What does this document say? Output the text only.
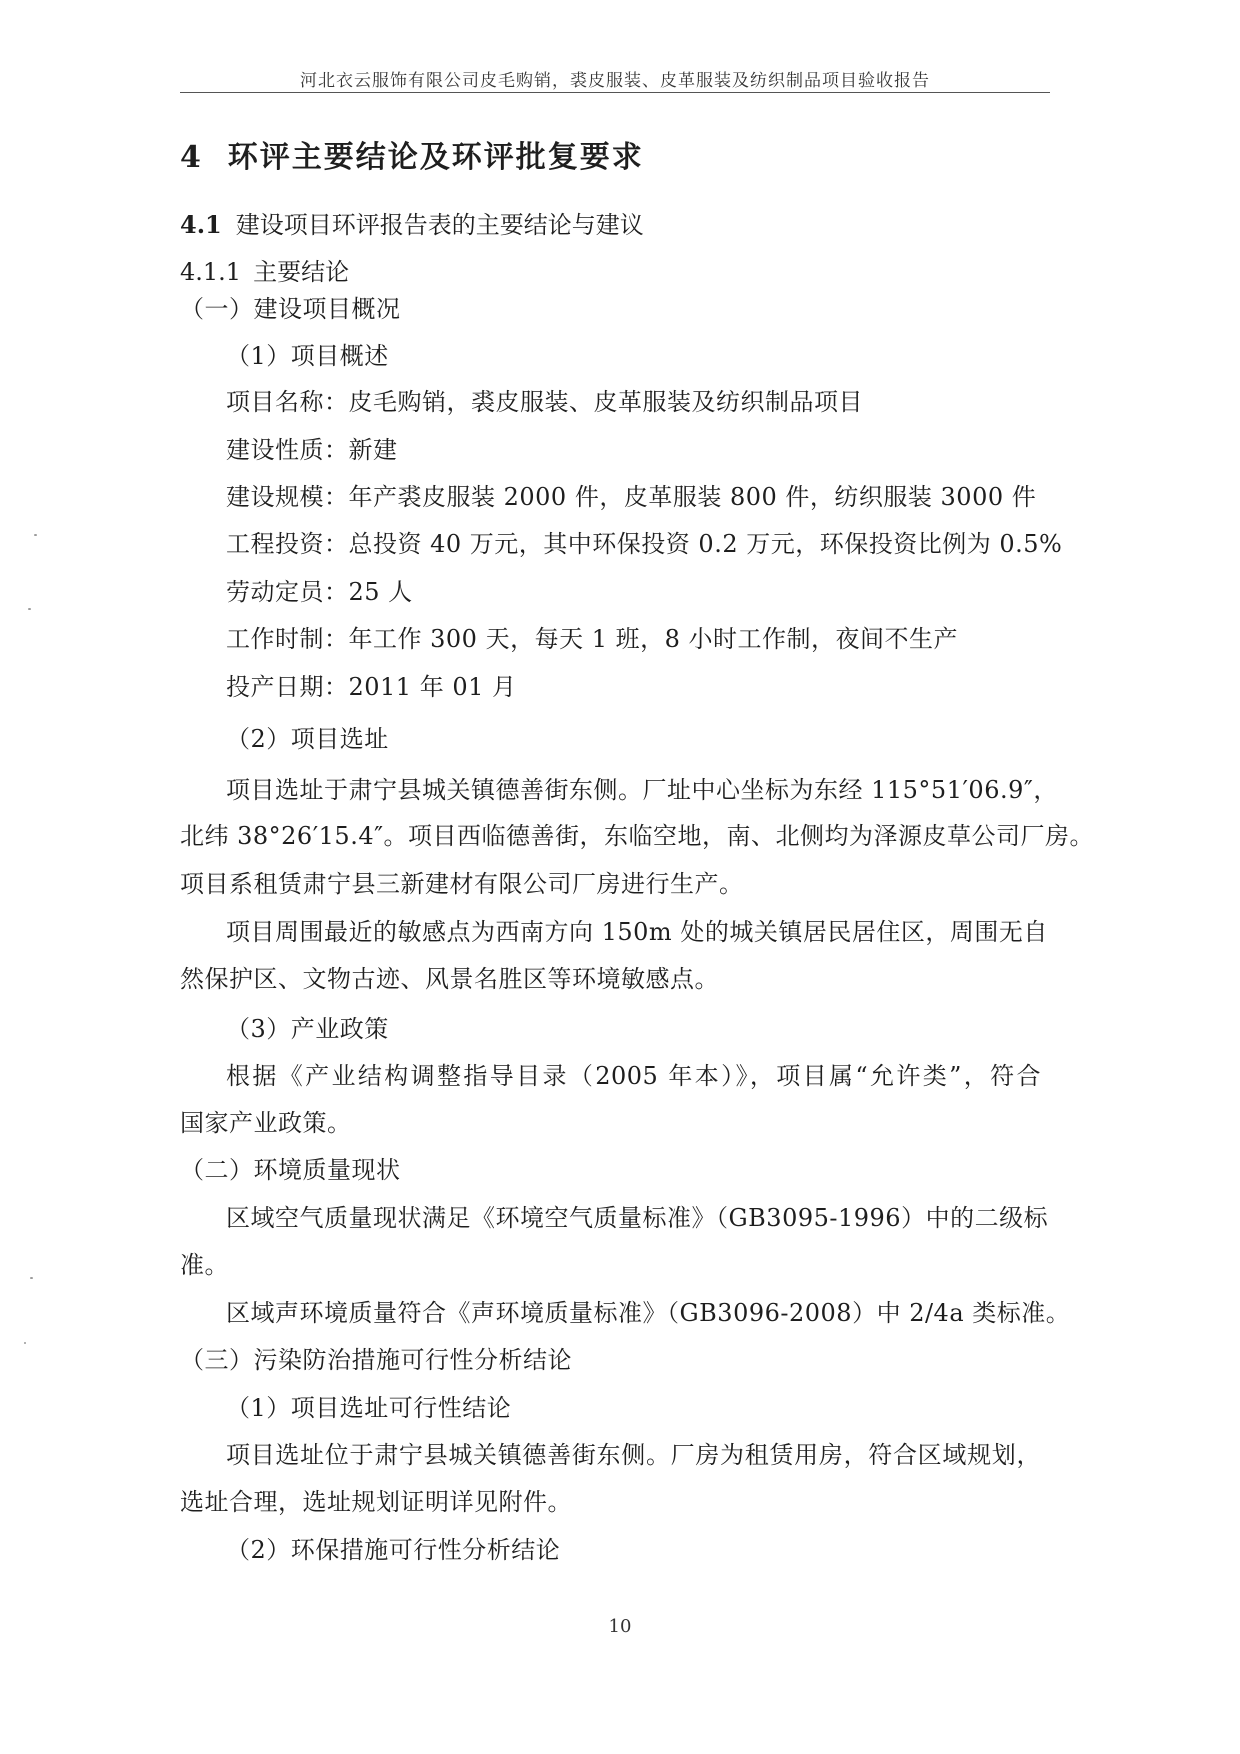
河北衣云服饰有限公司皮毛购销，裘皮服装、皮革服装及纺织制品项目验收报告
4 环评主要结论及环评批复要求
4.1 建设项目环评报告表的主要结论与建议
4.1.1 主要结论
（一）建设项目概况
（1）项目概述
项目名称：皮毛购销，裘皮服装、皮革服装及纺织制品项目
建设性质：新建
建设规模：年产裘皮服装 2000 件，皮革服装 800 件，纺织服装 3000 件
工程投资：总投资 40 万元，其中环保投资 0.2 万元，环保投资比例为 0.5%
劳动定员：25 人
工作时制：年工作 300 天，每天 1 班，8 小时工作制，夜间不生产
投产日期：2011 年 01 月
（2）项目选址
项目选址于肃宁县城关镇德善街东侧。厂址中心坐标为东经 115°51′06.9″，
北纬 38°26′15.4″。项目西临德善街，东临空地，南、北侧均为泽源皮草公司厂房。
项目系租赁肃宁县三新建材有限公司厂房进行生产。
项目周围最近的敏感点为西南方向 150m 处的城关镇居民居住区，周围无自
然保护区、文物古迹、风景名胜区等环境敏感点。
（3）产业政策
根据《产业结构调整指导目录（2005 年本）》，项目属“允许类”，符合
国家产业政策。
（二）环境质量现状
区域空气质量现状满足《环境空气质量标准》（GB3095-1996）中的二级标
准。
区域声环境质量符合《声环境质量标准》（GB3096-2008）中 2/4a 类标准。
（三）污染防治措施可行性分析结论
（1）项目选址可行性结论
项目选址位于肃宁县城关镇德善街东侧。厂房为租赁用房，符合区域规划，
选址合理，选址规划证明详见附件。
（2）环保措施可行性分析结论
10
